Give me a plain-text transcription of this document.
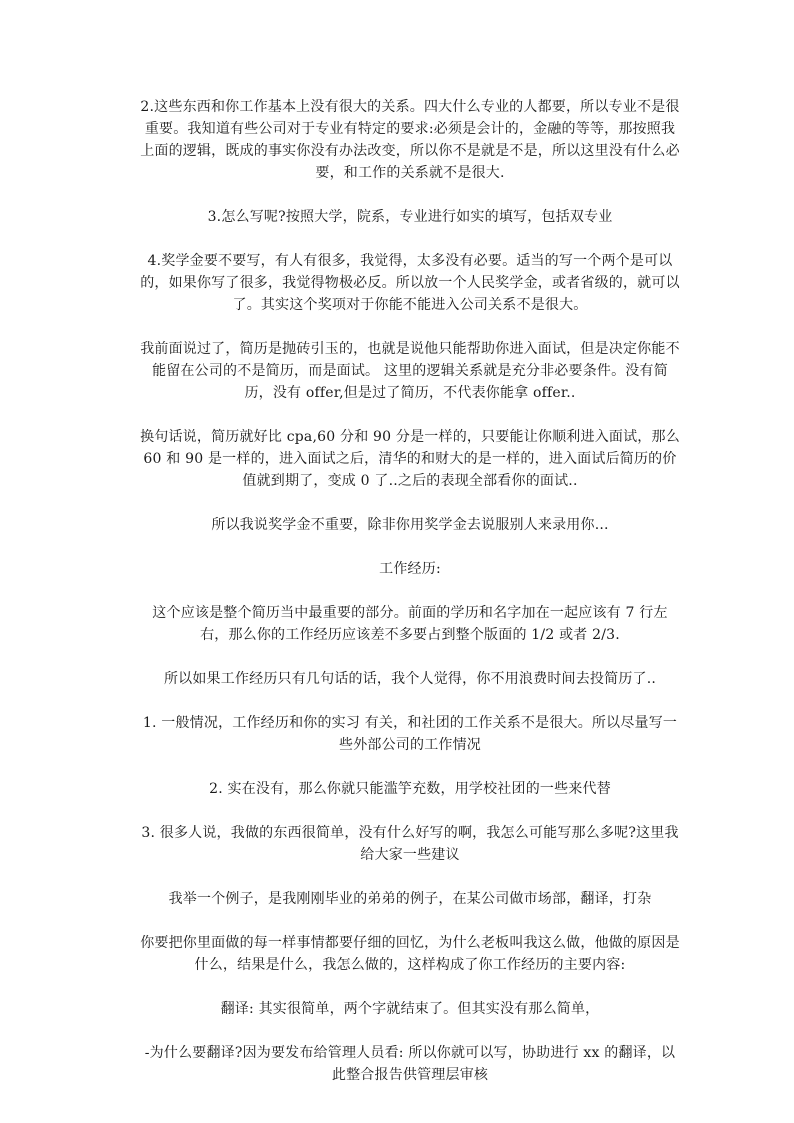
2.这些东西和你工作基本上没有很大的关系。四大什么专业的人都要，所以专业不是很重要。我知道有些公司对于专业有特定的要求:必须是会计的，金融的等等，那按照我上面的逻辑，既成的事实你没有办法改变，所以你不是就是不是，所以这里没有什么必要，和工作的关系就不是很大.

3.怎么写呢?按照大学，院系，专业进行如实的填写，包括双专业

4.奖学金要不要写，有人有很多，我觉得，太多没有必要。适当的写一个两个是可以的，如果你写了很多，我觉得物极必反。所以放一个人民奖学金，或者省级的，就可以了。其实这个奖项对于你能不能进入公司关系不是很大。

我前面说过了，简历是抛砖引玉的，也就是说他只能帮助你进入面试，但是决定你能不能留在公司的不是简历，而是面试。 这里的逻辑关系就是充分非必要条件。没有简历，没有 offer,但是过了简历，不代表你能拿 offer..

换句话说，简历就好比 cpa,60 分和 90 分是一样的，只要能让你顺利进入面试，那么 60 和 90 是一样的，进入面试之后，清华的和财大的是一样的，进入面试后简历的价值就到期了，变成 0 了..之后的表现全部看你的面试..

所以我说奖学金不重要，除非你用奖学金去说服别人来录用你...

工作经历:

这个应该是整个简历当中最重要的部分。前面的学历和名字加在一起应该有 7 行左右，那么你的工作经历应该差不多要占到整个版面的 1/2 或者 2/3.

所以如果工作经历只有几句话的话，我个人觉得，你不用浪费时间去投简历了..

1. 一般情况，工作经历和你的实习 有关，和社团的工作关系不是很大。所以尽量写一些外部公司的工作情况

2. 实在没有，那么你就只能滥竽充数，用学校社团的一些来代替

3. 很多人说，我做的东西很简单，没有什么好写的啊，我怎么可能写那么多呢?这里我给大家一些建议

我举一个例子，是我刚刚毕业的弟弟的例子，在某公司做市场部，翻译，打杂

你要把你里面做的每一样事情都要仔细的回忆，为什么老板叫我这么做，他做的原因是什么，结果是什么，我怎么做的，这样构成了你工作经历的主要内容:

翻译: 其实很简单，两个字就结束了。但其实没有那么简单，

-为什么要翻译?因为要发布给管理人员看: 所以你就可以写，协助进行 xx 的翻译，以此整合报告供管理层审核
